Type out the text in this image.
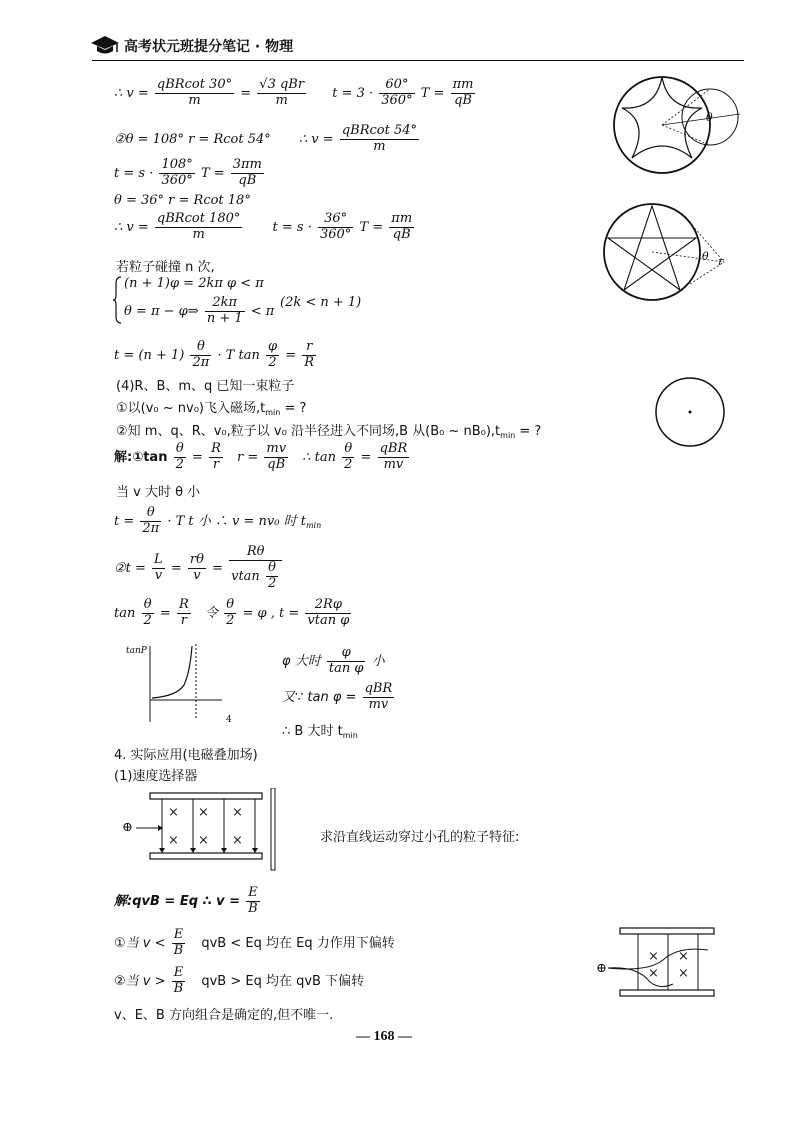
高考状元班提分笔记 · 物理
∴ $v = \frac{\text{qBRcot 30°}}{m} = \frac{\text{√3 qBr}}{m}$ $t = 3 \cdot \frac{60^\circ}{360^\circ}$ $T = \frac{\pi m}{qB}$
②θ = 108° r = Rcot 54° ∴ $v = \frac{\text{qBRcot 54°}}{m}$
$t = s \cdot \frac{108^\circ}{360^\circ}$ $T = \frac{3\pi m}{qB}$
θ = 36° r = Rcot 18°
∴ $v = \frac{\text{qBRcot 180°}}{m}$ $t = s \cdot \frac{36^\circ}{360^\circ}$ $T = \frac{\pi m}{qB}$
若粒子碰撞 n 次,
(n + 1)φ = 2kπ φ < π
θ = π − φ⇒ $\frac{2k\pi}{n + 1} < \pi$
(2k < n + 1)
$t = (n + 1) \frac{\theta}{2\pi} \cdot T$ $\tan \frac{\varphi}{2} = \frac{r}{R}$
(4)R、B、m、q 已知一束粒子
①以(v₀ ~ nv₀)飞入磁场$,t_{min}$ = ?
②知 m、q、R、v₀,粒子以 v₀ 沿半径进入不同场,B 从(B₀ ~ $nB_0),t_{min}$ = ?
解:①tan $\frac{\theta}{2} = \frac{R}{r}$ $r = \frac{mv}{qB}$ ∴ $\tan \frac{\theta}{2} = \frac{\text{qBR}}{mv}$
当 v 大时 θ 小
$t = \frac{\theta}{2\pi} \cdot T$ t 小 ∴ v = nv₀ 时 $t_{min}$
②t = $\frac{L}{v} = \frac{r\theta}{v} = \frac{R\theta}{vtan \frac{\theta}{2}}$
$\tan \frac{\theta}{2} = \frac{R}{r}$ 令 $\frac{\theta}{2} = \varphi$ , $t = \frac{2R\varphi}{\text{vtan φ}}$
tanP
4
φ 大时 $\frac{\varphi}{\text{tan φ}}$ 小
又∵ $\tan \varphi = \frac{\text{qBR}}{mv}$
∴ B 大时 $t_{min}$
4. 实际应用(电磁叠加场)
(1)速度选择器
⊕
× × ×
× × ×	求沿直线运动穿过小孔的粒子特征:
解:qvB = Eq ∴ $v = \frac{E}{B}$
①当 $v < \frac{E}{B}$ qvB < Eq 均在 Eq 力作用下偏转
②当 $v > \frac{E}{B}$ qvB > Eq 均在 qvB 下偏转
v、E、B 方向组合是确定的,但不唯一.
⊕
× ×
× ×
θ
θ r
— 168 —
